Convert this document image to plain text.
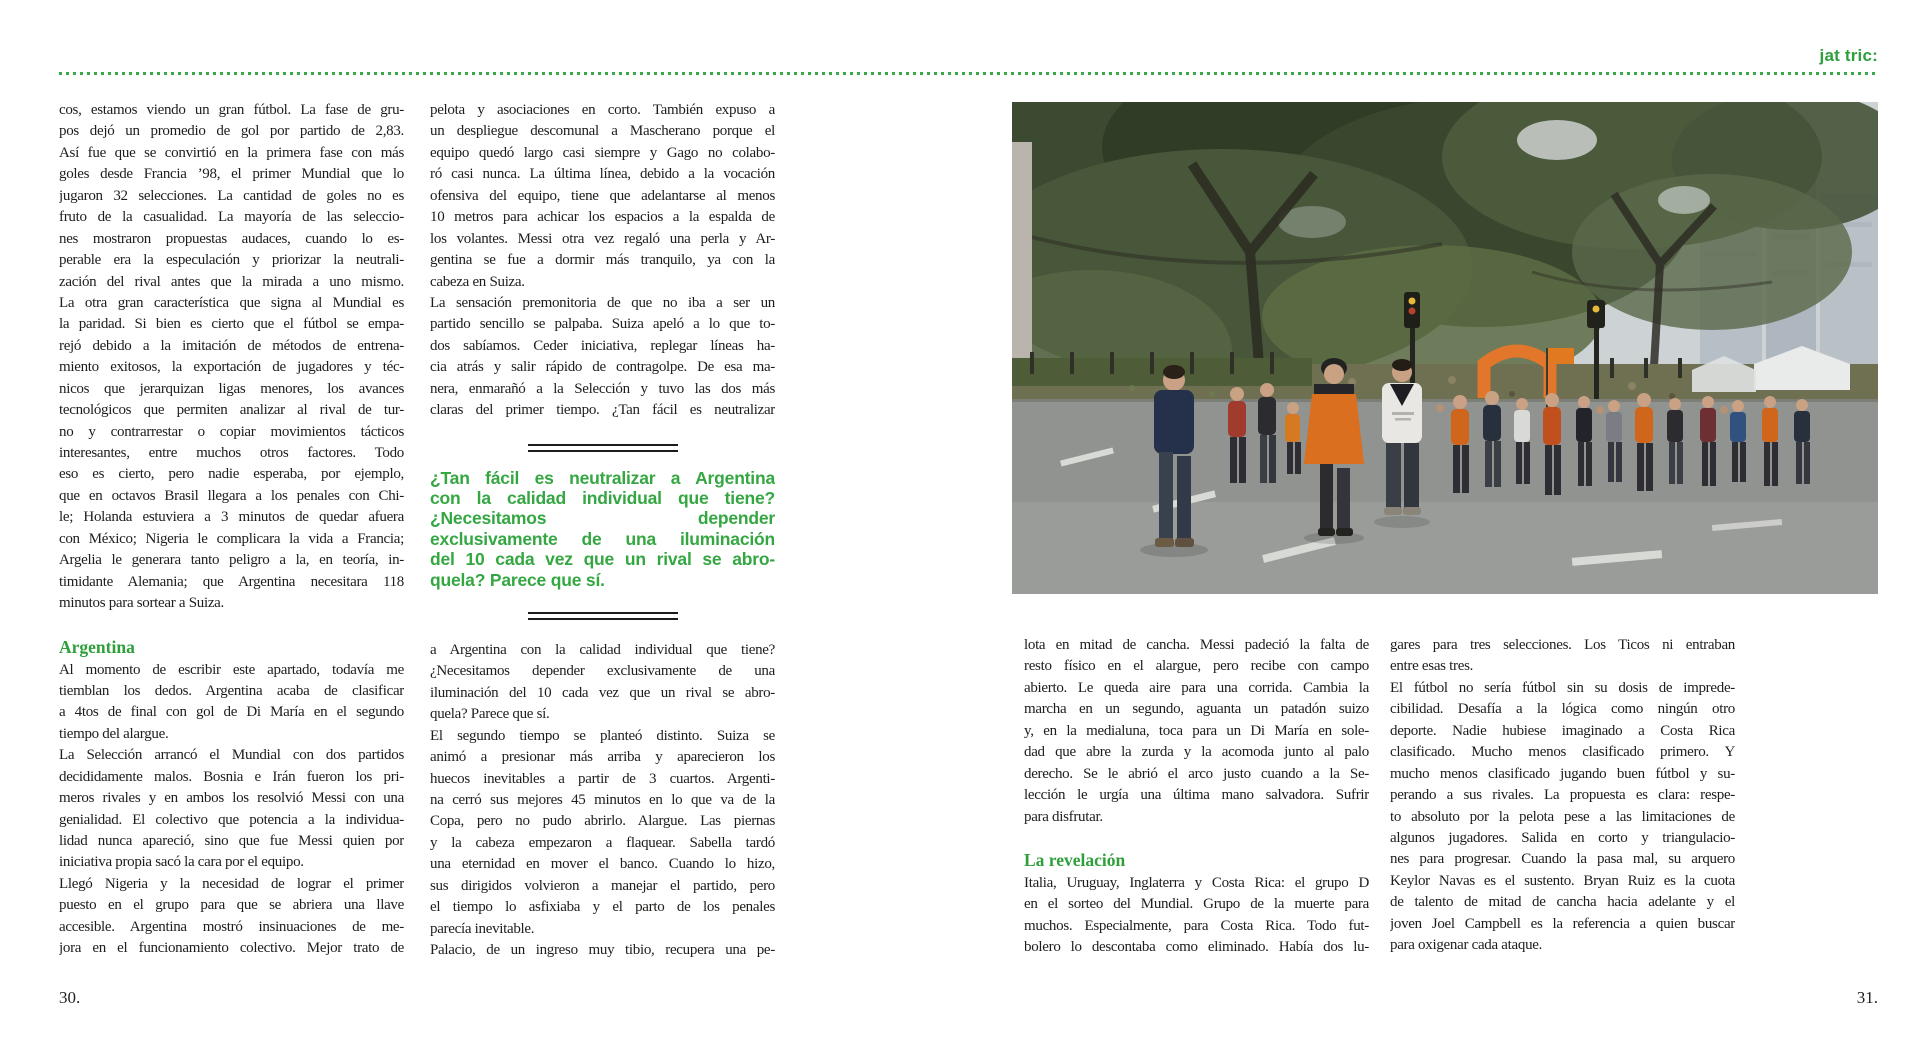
jat tric:
cos, estamos viendo un gran fútbol. La fase de gru-
pos dejó un promedio de gol por partido de 2,83.
Así fue que se convirtió en la primera fase con más
goles desde Francia ’98, el primer Mundial que lo
jugaron 32 selecciones. La cantidad de goles no es
fruto de la casualidad. La mayoría de las seleccio-
nes mostraron propuestas audaces, cuando lo es-
perable era la especulación y priorizar la neutrali-
zación del rival antes que la mirada a uno mismo.
La otra gran característica que signa al Mundial es
la paridad. Si bien es cierto que el fútbol se empa-
rejó debido a la imitación de métodos de entrena-
miento exitosos, la exportación de jugadores y téc-
nicos que jerarquizan ligas menores, los avances
tecnológicos que permiten analizar al rival de tur-
no y contrarrestar o copiar movimientos tácticos
interesantes, entre muchos otros factores. Todo
eso es cierto, pero nadie esperaba, por ejemplo,
que en octavos Brasil llegara a los penales con Chi-
le; Holanda estuviera a 3 minutos de quedar afuera
con México; Nigeria le complicara la vida a Francia;
Argelia le generara tanto peligro a la, en teoría, in-
timidante Alemania; que Argentina necesitara 118
minutos para sortear a Suiza.
Argentina
Al momento de escribir este apartado, todavía me
tiemblan los dedos. Argentina acaba de clasificar
a 4tos de final con gol de Di María en el segundo
tiempo del alargue.
La Selección arrancó el Mundial con dos partidos
decididamente malos. Bosnia e Irán fueron los pri-
meros rivales y en ambos los resolvió Messi con una
genialidad. El colectivo que potencia a la individua-
lidad nunca apareció, sino que fue Messi quien por
iniciativa propia sacó la cara por el equipo.
Llegó Nigeria y la necesidad de lograr el primer
puesto en el grupo para que se abriera una llave
accesible. Argentina mostró insinuaciones de me-
jora en el funcionamiento colectivo. Mejor trato de
pelota y asociaciones en corto. También expuso a
un despliegue descomunal a Mascherano porque el
equipo quedó largo casi siempre y Gago no colabo-
ró casi nunca. La última línea, debido a la vocación
ofensiva del equipo, tiene que adelantarse al menos
10 metros para achicar los espacios a la espalda de
los volantes. Messi otra vez regaló una perla y Ar-
gentina se fue a dormir más tranquilo, ya con la
cabeza en Suiza.
La sensación premonitoria de que no iba a ser un
partido sencillo se palpaba. Suiza apeló a lo que to-
dos sabíamos. Ceder iniciativa, replegar líneas ha-
cia atrás y salir rápido de contragolpe. De esa ma-
nera, enmarañó a la Selección y tuvo las dos más
claras del primer tiempo. ¿Tan fácil es neutralizar
¿Tan fácil es neutralizar a Argentina
con la calidad individual que tiene?
¿Necesitamos depender
exclusivamente de una iluminación
del 10 cada vez que un rival se abro-
quela? Parece que sí.
a Argentina con la calidad individual que tiene?
¿Necesitamos depender exclusivamente de una
iluminación del 10 cada vez que un rival se abro-
quela? Parece que sí.
El segundo tiempo se planteó distinto. Suiza se
animó a presionar más arriba y aparecieron los
huecos inevitables a partir de 3 cuartos. Argenti-
na cerró sus mejores 45 minutos en lo que va de la
Copa, pero no pudo abrirlo. Alargue. Las piernas
y la cabeza empezaron a flaquear. Sabella tardó
una eternidad en mover el banco. Cuando lo hizo,
sus dirigidos volvieron a manejar el partido, pero
el tiempo lo asfixiaba y el parto de los penales
parecía inevitable.
Palacio, de un ingreso muy tibio, recupera una pe-
lota en mitad de cancha. Messi padeció la falta de
resto físico en el alargue, pero recibe con campo
abierto. Le queda aire para una corrida. Cambia la
marcha en un segundo, aguanta un patadón suizo
y, en la medialuna, toca para un Di María en sole-
dad que abre la zurda y la acomoda junto al palo
derecho. Se le abrió el arco justo cuando a la Se-
lección le urgía una última mano salvadora. Sufrir
para disfrutar.
La revelación
Italia, Uruguay, Inglaterra y Costa Rica: el grupo D
en el sorteo del Mundial. Grupo de la muerte para
muchos. Especialmente, para Costa Rica. Todo fut-
bolero lo descontaba como eliminado. Había dos lu-
gares para tres selecciones. Los Ticos ni entraban
entre esas tres.
El fútbol no sería fútbol sin su dosis de imprede-
cibilidad. Desafía a la lógica como ningún otro
deporte. Nadie hubiese imaginado a Costa Rica
clasificado. Mucho menos clasificado primero. Y
mucho menos clasificado jugando buen fútbol y su-
perando a sus rivales. La propuesta es clara: respe-
to absoluto por la pelota pese a las limitaciones de
algunos jugadores. Salida en corto y triangulacio-
nes para progresar. Cuando la pasa mal, su arquero
Keylor Navas es el sustento. Bryan Ruiz es la cuota
de talento de mitad de cancha hacia adelante y el
joven Joel Campbell es la referencia a quien buscar
para oxigenar cada ataque.
30.	31.
